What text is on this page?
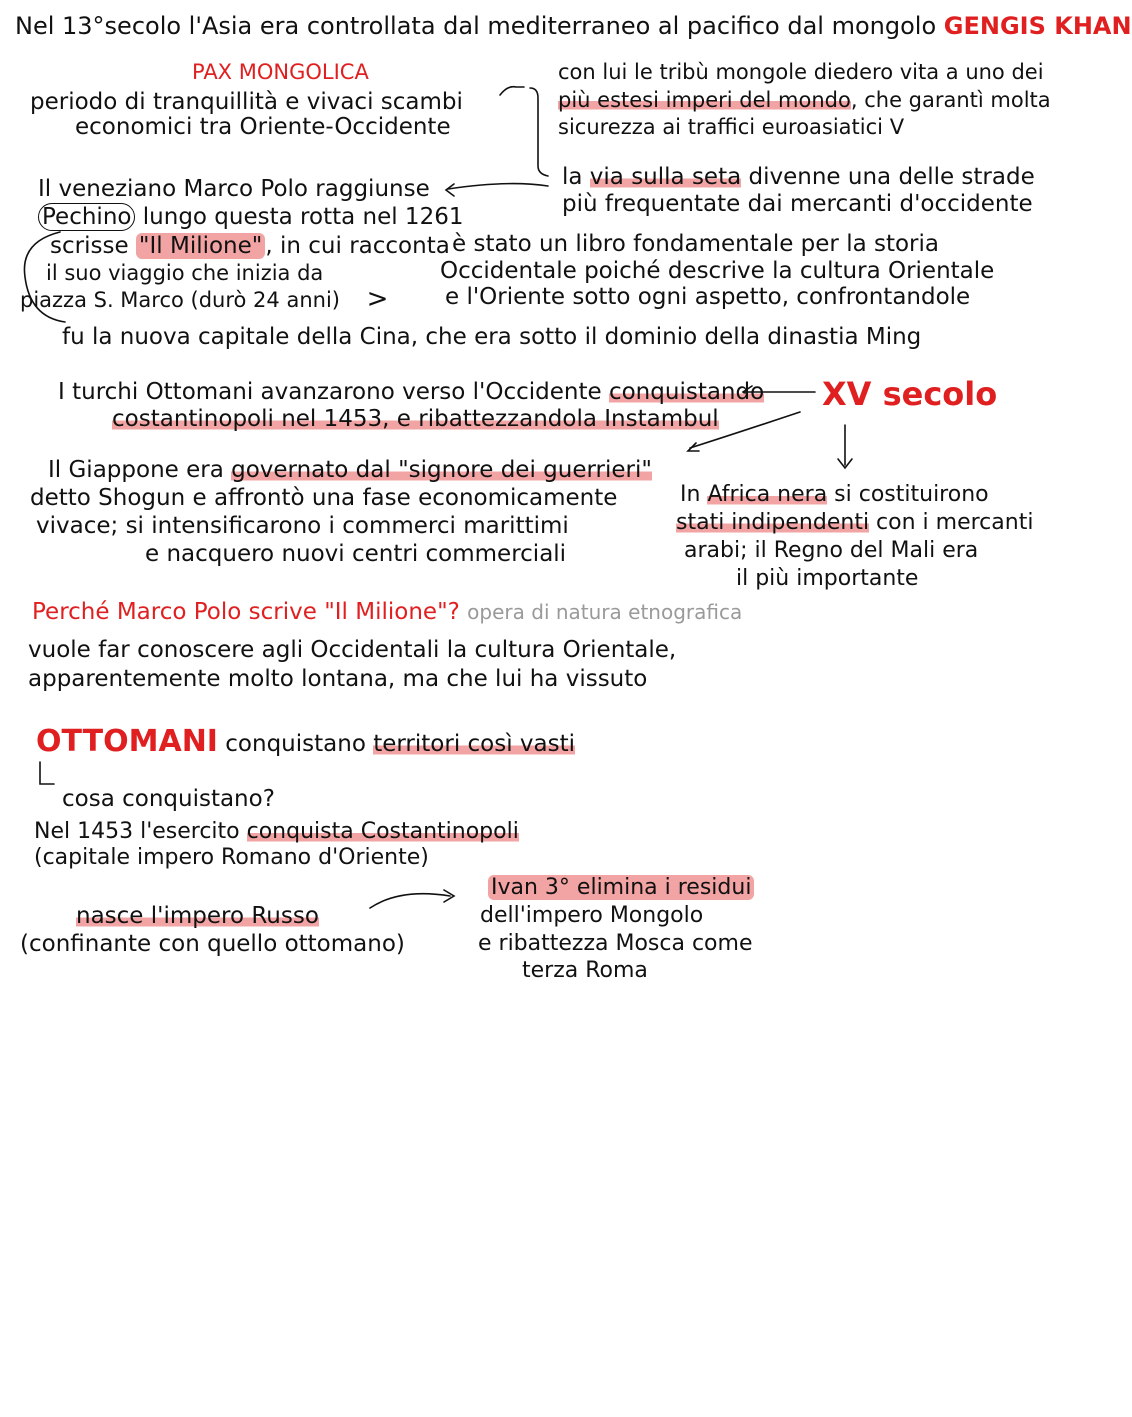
Nel 13°secolo l'Asia era controllata dal mediterraneo al pacifico dal mongolo GENGIS KHAN
PAX MONGOLICA
periodo di tranquillità e vivaci scambi
economici tra Oriente-Occidente
con lui le tribù mongole diedero vita a uno dei
più estesi imperi del mondo, che garantì molta
sicurezza ai traffici euroasiatici V
la via sulla seta divenne una delle strade
più frequentate dai mercanti d'occidente
Il veneziano Marco Polo raggiunse
Pechino lungo questa rotta nel 1261
scrisse "Il Milione" , in cui racconta
il suo viaggio che inizia da
piazza S. Marco (durò 24 anni) >
è stato un libro fondamentale per la storia
Occidentale poiché descrive la cultura Orientale
e l'Oriente sotto ogni aspetto, confrontandole
fu la nuova capitale della Cina, che era sotto il dominio della dinastia Ming
I turchi Ottomani avanzarono verso l'Occidente conquistando
costantinopoli nel 1453, e ribattezzandola Instambul
XV secolo
Il Giappone era governato dal "signore dei guerrieri"
detto Shogun e affrontò una fase economicamente
vivace; si intensificarono i commerci marittimi
e nacquero nuovi centri commerciali
In Africa nera si costituirono
stati indipendenti con i mercanti
arabi; il Regno del Mali era
il più importante
Perché Marco Polo scrive "Il Milione"? opera di natura etnografica
vuole far conoscere agli Occidentali la cultura Orientale,
apparentemente molto lontana, ma che lui ha vissuto
OTTOMANI conquistano territori così vasti
cosa conquistano?
Nel 1453 l'esercito conquista Costantinopoli
(capitale impero Romano d'Oriente)
nasce l'impero Russo
(confinante con quello ottomano)
Ivan 3° elimina i residui
dell'impero Mongolo
e ribattezza Mosca come
terza Roma
